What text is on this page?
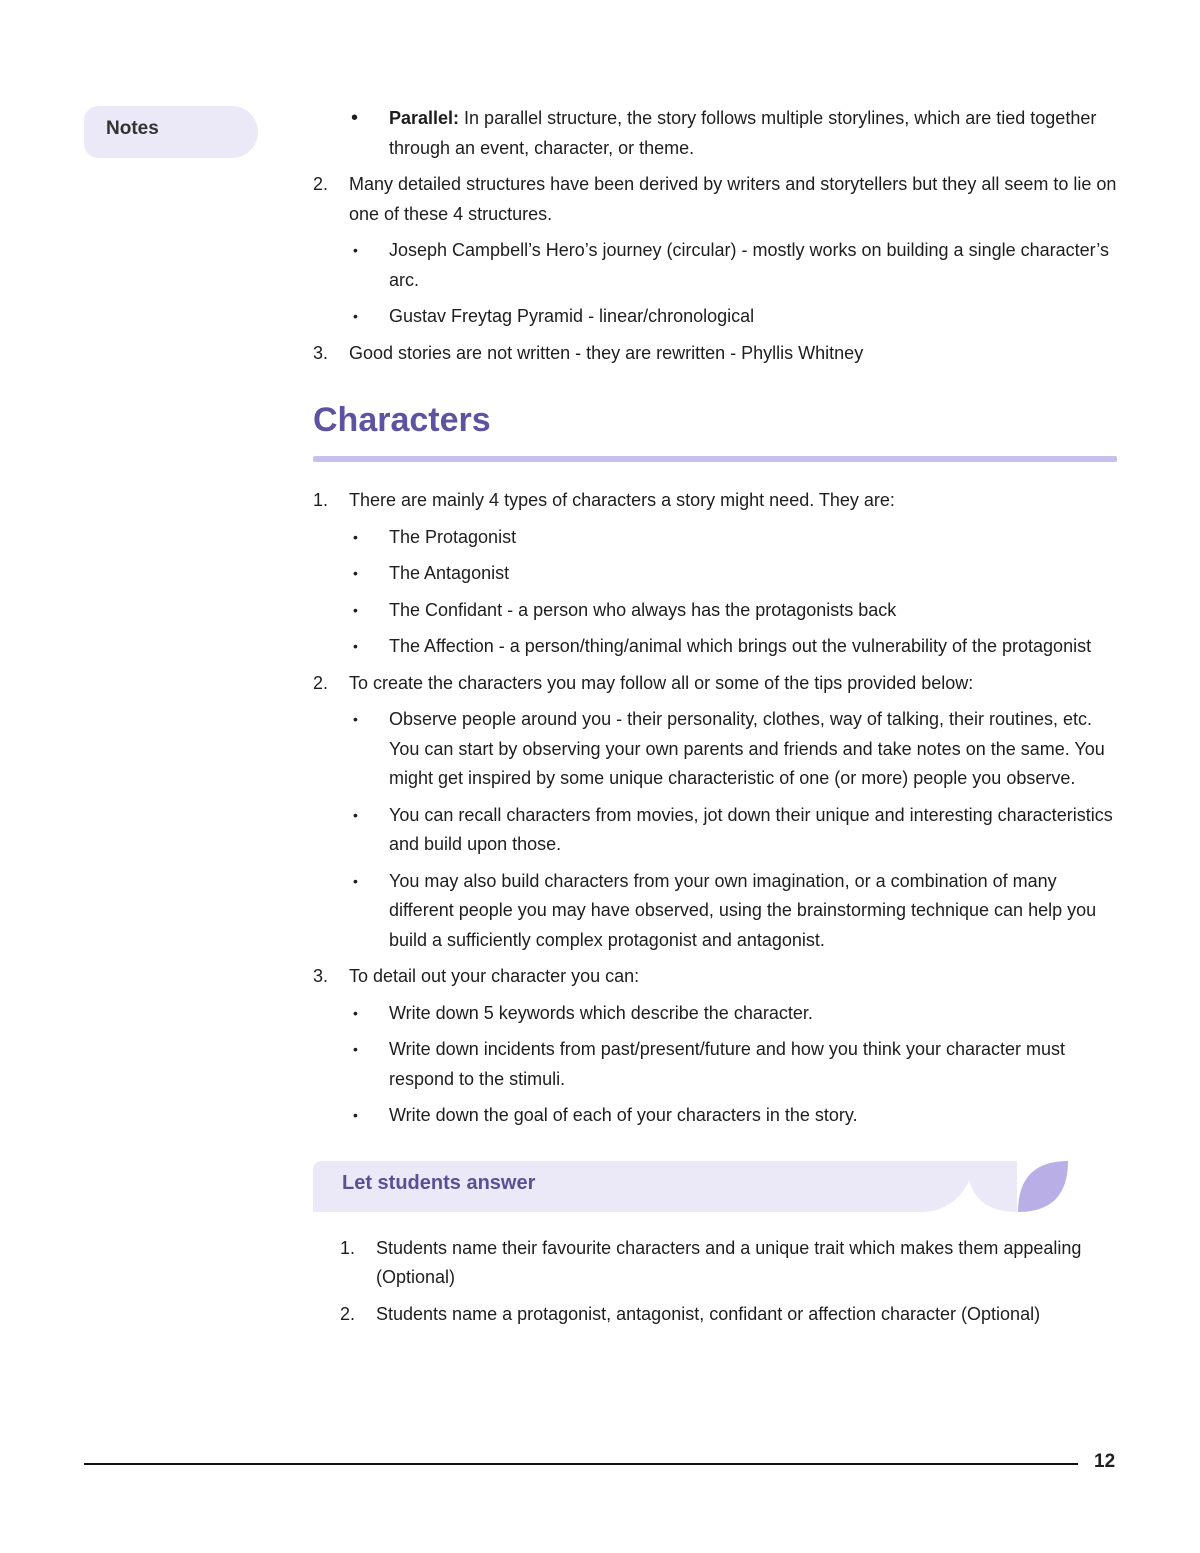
Notes	• Parallel: In parallel structure, the story follows multiple storylines, which are tied together through an event, character, or theme.
2. Many detailed structures have been derived by writers and storytellers but they all seem to lie on one of these 4 structures.
• Joseph Campbell’s Hero’s journey (circular) - mostly works on building a single character’s arc.
• Gustav Freytag Pyramid - linear/chronological
3. Good stories are not written - they are rewritten - Phyllis Whitney
Characters
1. There are mainly 4 types of characters a story might need. They are:
• The Protagonist
• The Antagonist
• The Confidant - a person who always has the protagonists back
• The Affection - a person/thing/animal which brings out the vulnerability of the protagonist
2. To create the characters you may follow all or some of the tips provided below:
• Observe people around you - their personality, clothes, way of talking, their routines, etc. You can start by observing your own parents and friends and take notes on the same. You might get inspired by some unique characteristic of one (or more) people you observe.
• You can recall characters from movies, jot down their unique and interesting characteristics and build upon those.
• You may also build characters from your own imagination, or a combination of many different people you may have observed, using the brainstorming technique can help you build a sufficiently complex protagonist and antagonist.
3. To detail out your character you can:
• Write down 5 keywords which describe the character.
• Write down incidents from past/present/future and how you think your character must respond to the stimuli.
• Write down the goal of each of your characters in the story.
Let students answer
1. Students name their favourite characters and a unique trait which makes them appealing (Optional)
2. Students name a protagonist, antagonist, confidant or affection character (Optional)
12
